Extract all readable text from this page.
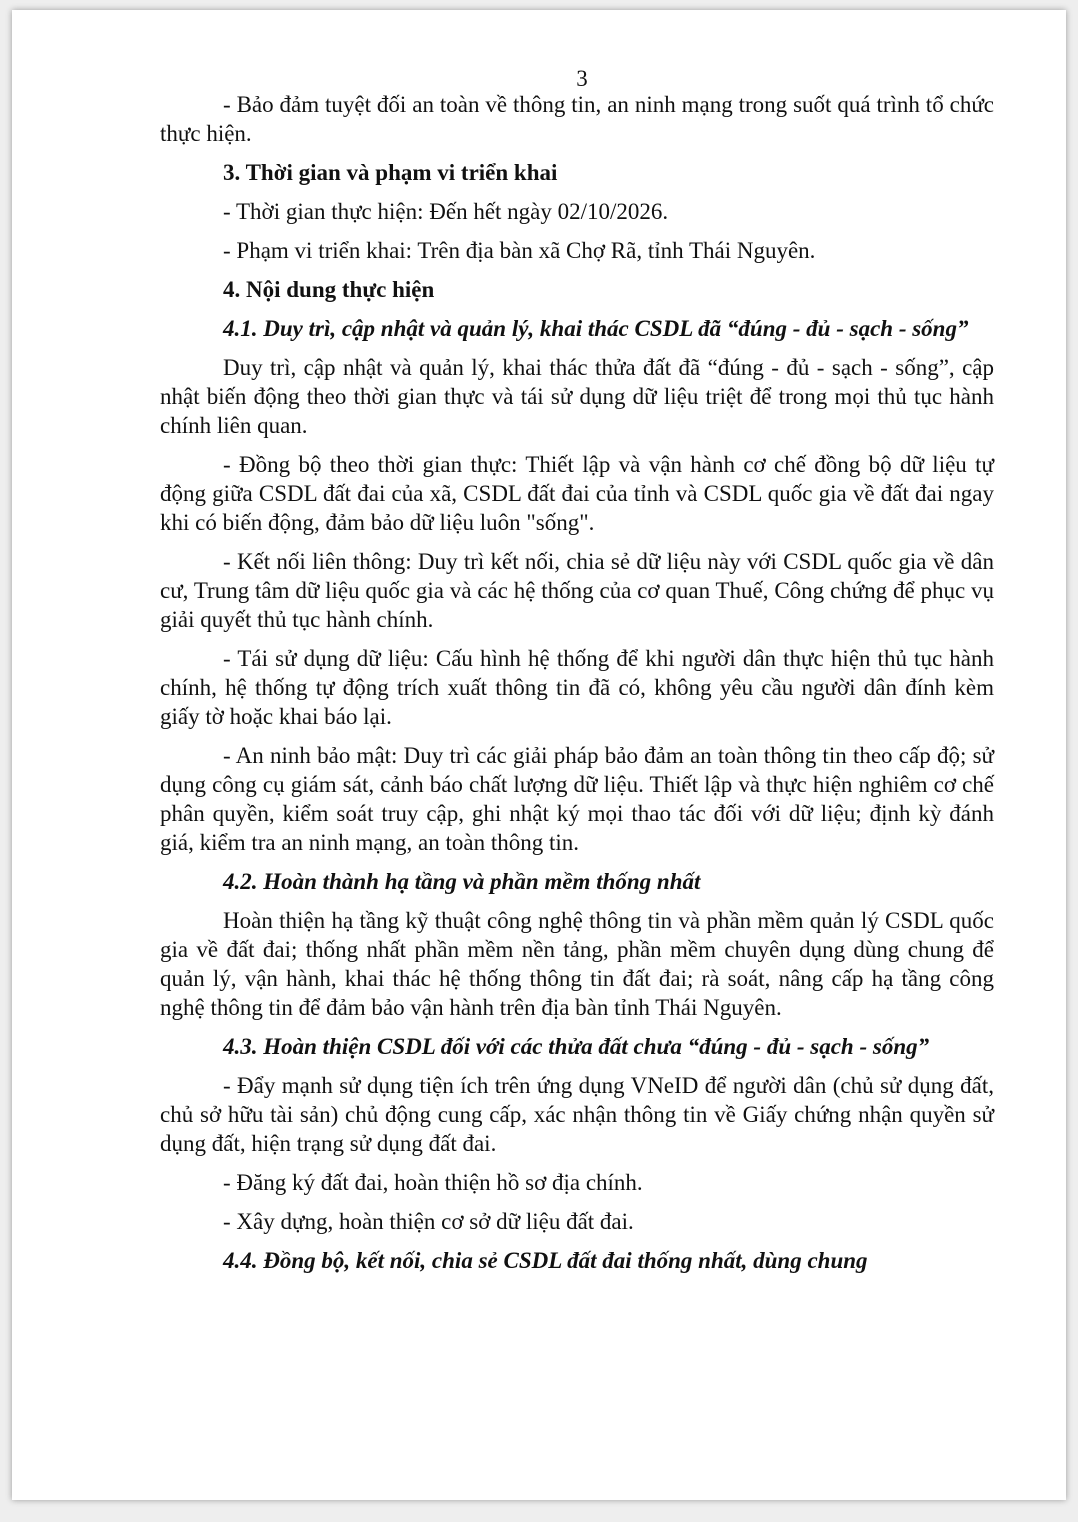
3

- Bảo đảm tuyệt đối an toàn về thông tin, an ninh mạng trong suốt quá trình tổ chức thực hiện.

3. Thời gian và phạm vi triển khai

- Thời gian thực hiện: Đến hết ngày 02/10/2026.

- Phạm vi triển khai: Trên địa bàn xã Chợ Rã, tỉnh Thái Nguyên.

4. Nội dung thực hiện

4.1. Duy trì, cập nhật và quản lý, khai thác CSDL đã “đúng - đủ - sạch - sống”

Duy trì, cập nhật và quản lý, khai thác thửa đất đã “đúng - đủ - sạch - sống”, cập nhật biến động theo thời gian thực và tái sử dụng dữ liệu triệt để trong mọi thủ tục hành chính liên quan.

- Đồng bộ theo thời gian thực: Thiết lập và vận hành cơ chế đồng bộ dữ liệu tự động giữa CSDL đất đai của xã, CSDL đất đai của tỉnh và CSDL quốc gia về đất đai ngay khi có biến động, đảm bảo dữ liệu luôn "sống".

- Kết nối liên thông: Duy trì kết nối, chia sẻ dữ liệu này với CSDL quốc gia về dân cư, Trung tâm dữ liệu quốc gia và các hệ thống của cơ quan Thuế, Công chứng để phục vụ giải quyết thủ tục hành chính.

- Tái sử dụng dữ liệu: Cấu hình hệ thống để khi người dân thực hiện thủ tục hành chính, hệ thống tự động trích xuất thông tin đã có, không yêu cầu người dân đính kèm giấy tờ hoặc khai báo lại.

- An ninh bảo mật: Duy trì các giải pháp bảo đảm an toàn thông tin theo cấp độ; sử dụng công cụ giám sát, cảnh báo chất lượng dữ liệu. Thiết lập và thực hiện nghiêm cơ chế phân quyền, kiểm soát truy cập, ghi nhật ký mọi thao tác đối với dữ liệu; định kỳ đánh giá, kiểm tra an ninh mạng, an toàn thông tin.

4.2. Hoàn thành hạ tầng và phần mềm thống nhất

Hoàn thiện hạ tầng kỹ thuật công nghệ thông tin và phần mềm quản lý CSDL quốc gia về đất đai; thống nhất phần mềm nền tảng, phần mềm chuyên dụng dùng chung để quản lý, vận hành, khai thác hệ thống thông tin đất đai; rà soát, nâng cấp hạ tầng công nghệ thông tin để đảm bảo vận hành trên địa bàn tỉnh Thái Nguyên.

4.3. Hoàn thiện CSDL đối với các thửa đất chưa “đúng - đủ - sạch - sống”

- Đẩy mạnh sử dụng tiện ích trên ứng dụng VNeID để người dân (chủ sử dụng đất, chủ sở hữu tài sản) chủ động cung cấp, xác nhận thông tin về Giấy chứng nhận quyền sử dụng đất, hiện trạng sử dụng đất đai.

- Đăng ký đất đai, hoàn thiện hồ sơ địa chính.

- Xây dựng, hoàn thiện cơ sở dữ liệu đất đai.

4.4. Đồng bộ, kết nối, chia sẻ CSDL đất đai thống nhất, dùng chung
